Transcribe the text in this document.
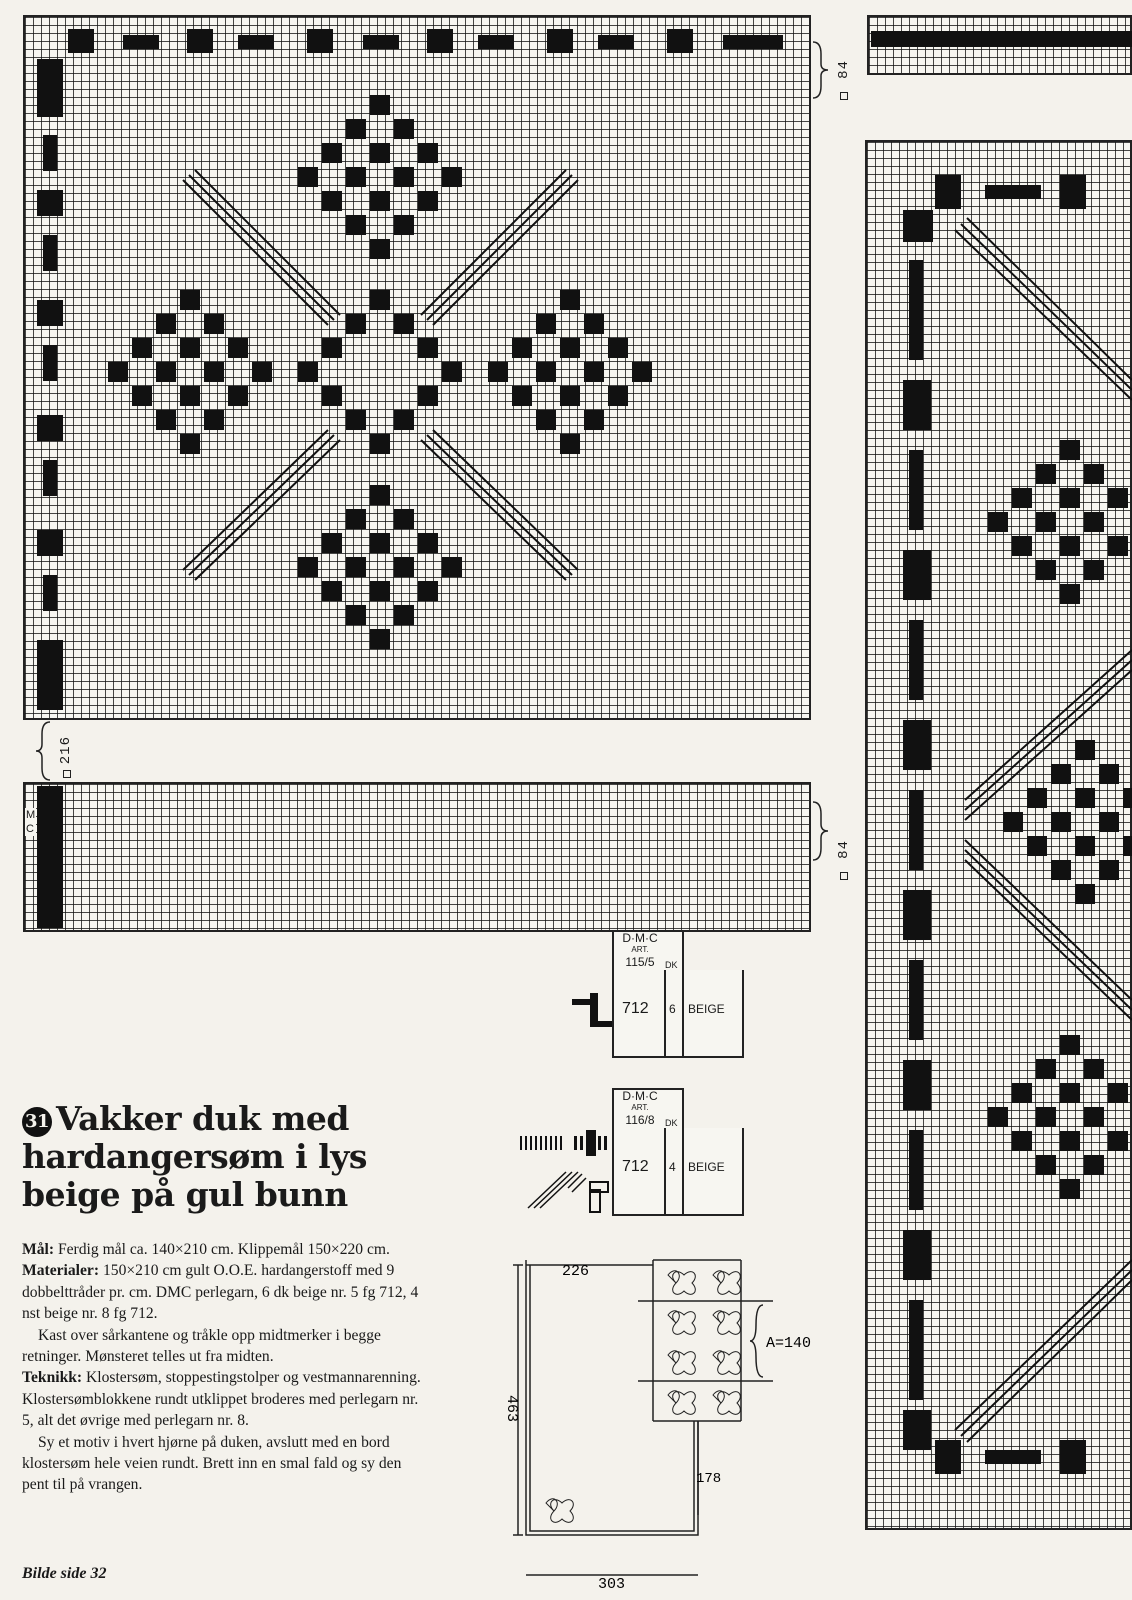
84
M
C
216
84
D·M·C
ART.
115/5	DK
712 6 BEIGE
D·M·C
ART.
116/8	DK
712 4 BEIGE
226
463
A=140
178
303
31 Vakker duk med hardangersøm i lys beige på gul bunn

Mål: Ferdig mål ca. 140×210 cm. Klippemål 150×220 cm.

Materialer: 150×210 cm gult O.O.E. hardangerstoff med 9 dobbelttråder pr. cm. DMC perlegarn, 6 dk beige nr. 5 fg 712, 4 nst beige nr. 8 fg 712.

Kast over sårkantene og tråkle opp midtmerker i begge retninger. Mønsteret telles ut fra midten.

Teknikk: Klostersøm, stoppestingstolper og vestmannarenning. Klostersømblokkene rundt utklippet broderes med perlegarn nr. 5, alt det øvrige med perlegarn nr. 8.

Sy et motiv i hvert hjørne på duken, avslutt med en bord klostersøm hele veien rundt. Brett inn en smal fald og sy den pent til på vrangen.

Bilde side 32
